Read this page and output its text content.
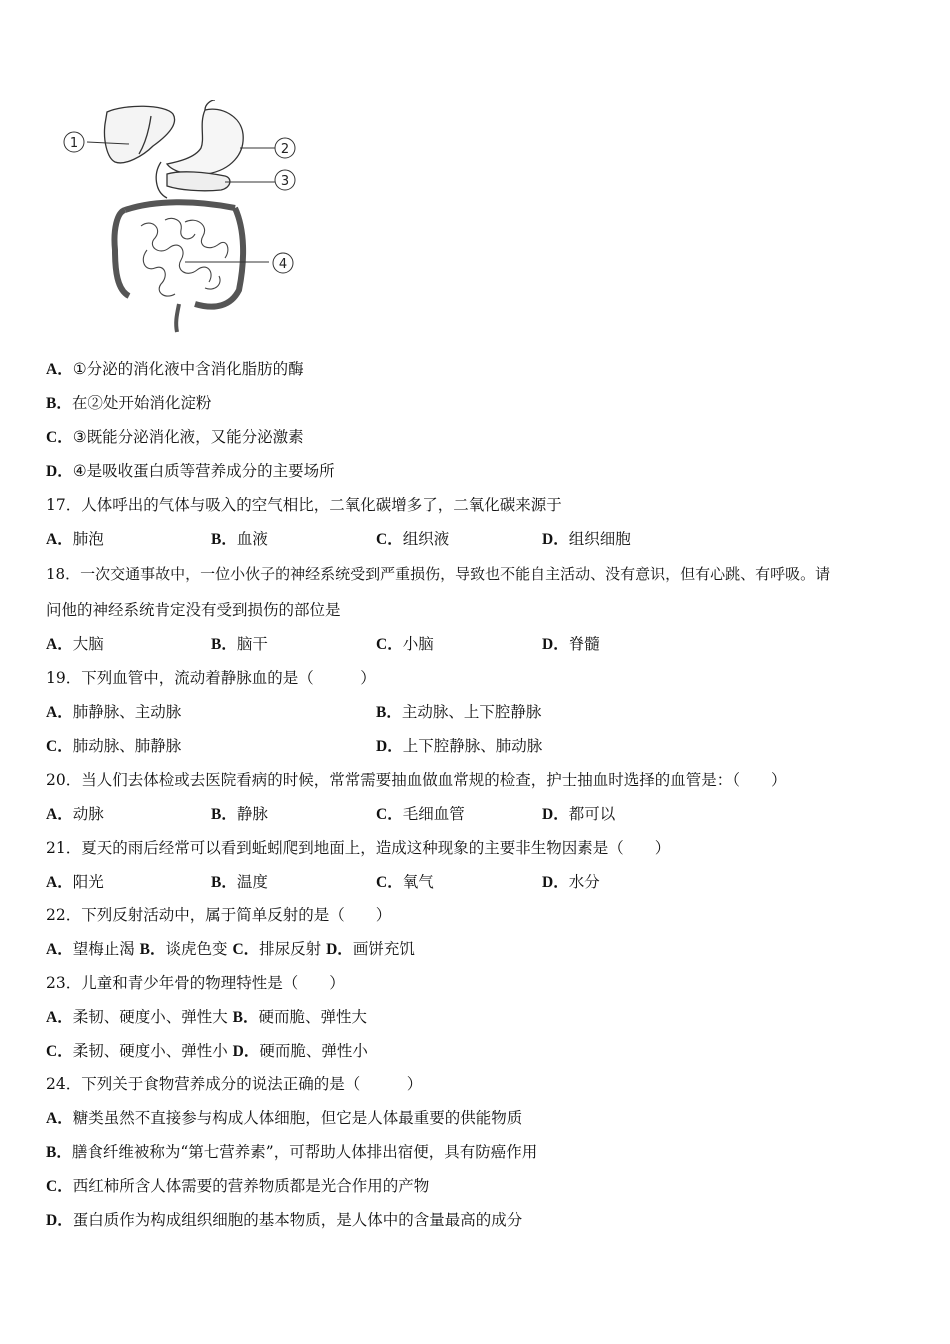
1	2
3
4
A．①分泌的消化液中含消化脂肪的酶
B．在②处开始消化淀粉
C．③既能分泌消化液，又能分泌激素
D．④是吸收蛋白质等营养成分的主要场所
17．人体呼出的气体与吸入的空气相比，二氧化碳增多了，二氧化碳来源于
A．肺泡	B．血液	C．组织液	D．组织细胞
18．一次交通事故中，一位小伙子的神经系统受到严重损伤，导致也不能自主活动、没有意识，但有心跳、有呼吸。请
问他的神经系统肯定没有受到损伤的部位是
A．大脑	B．脑干	C．小脑	D．脊髓
19．下列血管中，流动着静脉血的是（　　　）
A．肺静脉、主动脉	B．主动脉、上下腔静脉
C．肺动脉、肺静脉	D．上下腔静脉、肺动脉
20．当人们去体检或去医院看病的时候，常常需要抽血做血常规的检查，护士抽血时选择的血管是：（　　）
A．动脉	B．静脉	C．毛细血管	D．都可以
21．夏天的雨后经常可以看到蚯蚓爬到地面上，造成这种现象的主要非生物因素是（　　）
A．阳光	B．温度	C．氧气	D．水分
22．下列反射活动中，属于简单反射的是（　　）
A．望梅止渴 B．谈虎色变 C．排尿反射 D．画饼充饥
23．儿童和青少年骨的物理特性是（　　）
A．柔韧、硬度小、弹性大 B．硬而脆、弹性大
C．柔韧、硬度小、弹性小 D．硬而脆、弹性小
24．下列关于食物营养成分的说法正确的是（　　　）
A．糖类虽然不直接参与构成人体细胞，但它是人体最重要的供能物质
B．膳食纤维被称为“第七营养素”，可帮助人体排出宿便，具有防癌作用
C．西红柿所含人体需要的营养物质都是光合作用的产物
D．蛋白质作为构成组织细胞的基本物质，是人体中的含量最高的成分
